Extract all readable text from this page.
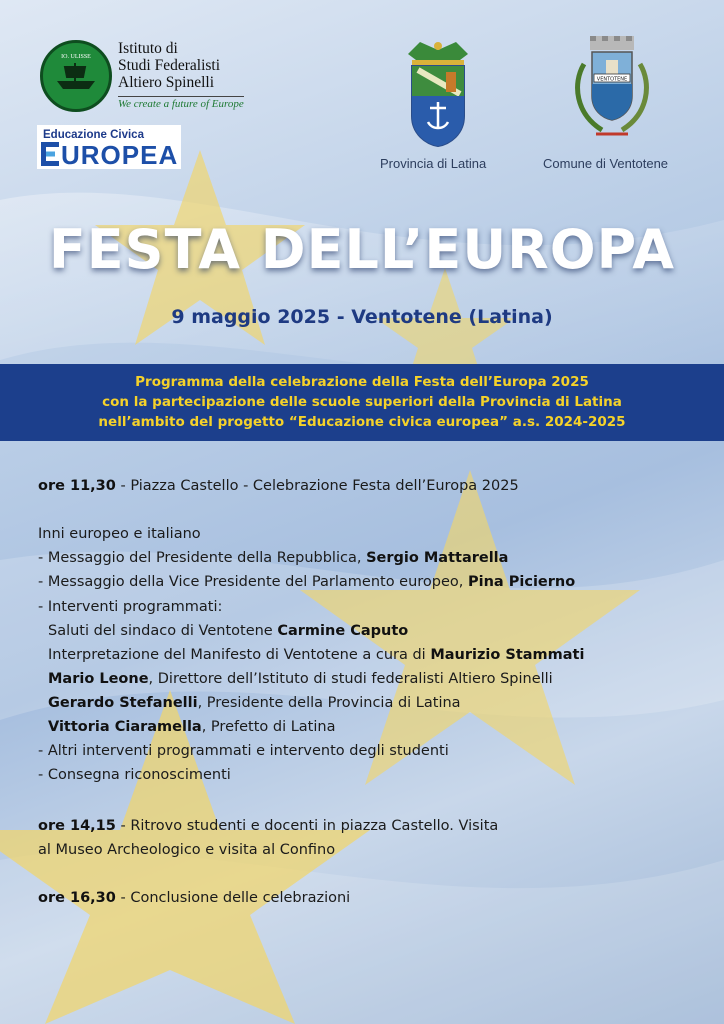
IO. ULISSE Istituto di
Studi Federalisti
Altiero Spinelli
We create a future of Europe
Educazione Civica
UROPEA	Provincia di Latina
VENTOTENE
Comune di Ventotene
FESTA DELL’EUROPA
9 maggio 2025 - Ventotene (Latina)
Programma della celebrazione della Festa dell’Europa 2025
con la partecipazione delle scuole superiori della Provincia di Latina
nell’ambito del progetto “Educazione civica europea” a.s. 2024-2025
ore 11,30 - Piazza Castello - Celebrazione Festa dell’Europa 2025
Inni europeo e italiano
- Messaggio del Presidente della Repubblica, Sergio Mattarella
- Messaggio della Vice Presidente del Parlamento europeo, Pina Picierno
- Interventi programmati:
Saluti del sindaco di Ventotene Carmine Caputo
Interpretazione del Manifesto di Ventotene a cura di Maurizio Stammati
Mario Leone, Direttore dell’Istituto di studi federalisti Altiero Spinelli
Gerardo Stefanelli, Presidente della Provincia di Latina
Vittoria Ciaramella, Prefetto di Latina
- Altri interventi programmati e intervento degli studenti
- Consegna riconoscimenti
ore 14,15 - Ritrovo studenti e docenti in piazza Castello. Visita
al Museo Archeologico e visita al Confino
ore 16,30 - Conclusione delle celebrazioni
